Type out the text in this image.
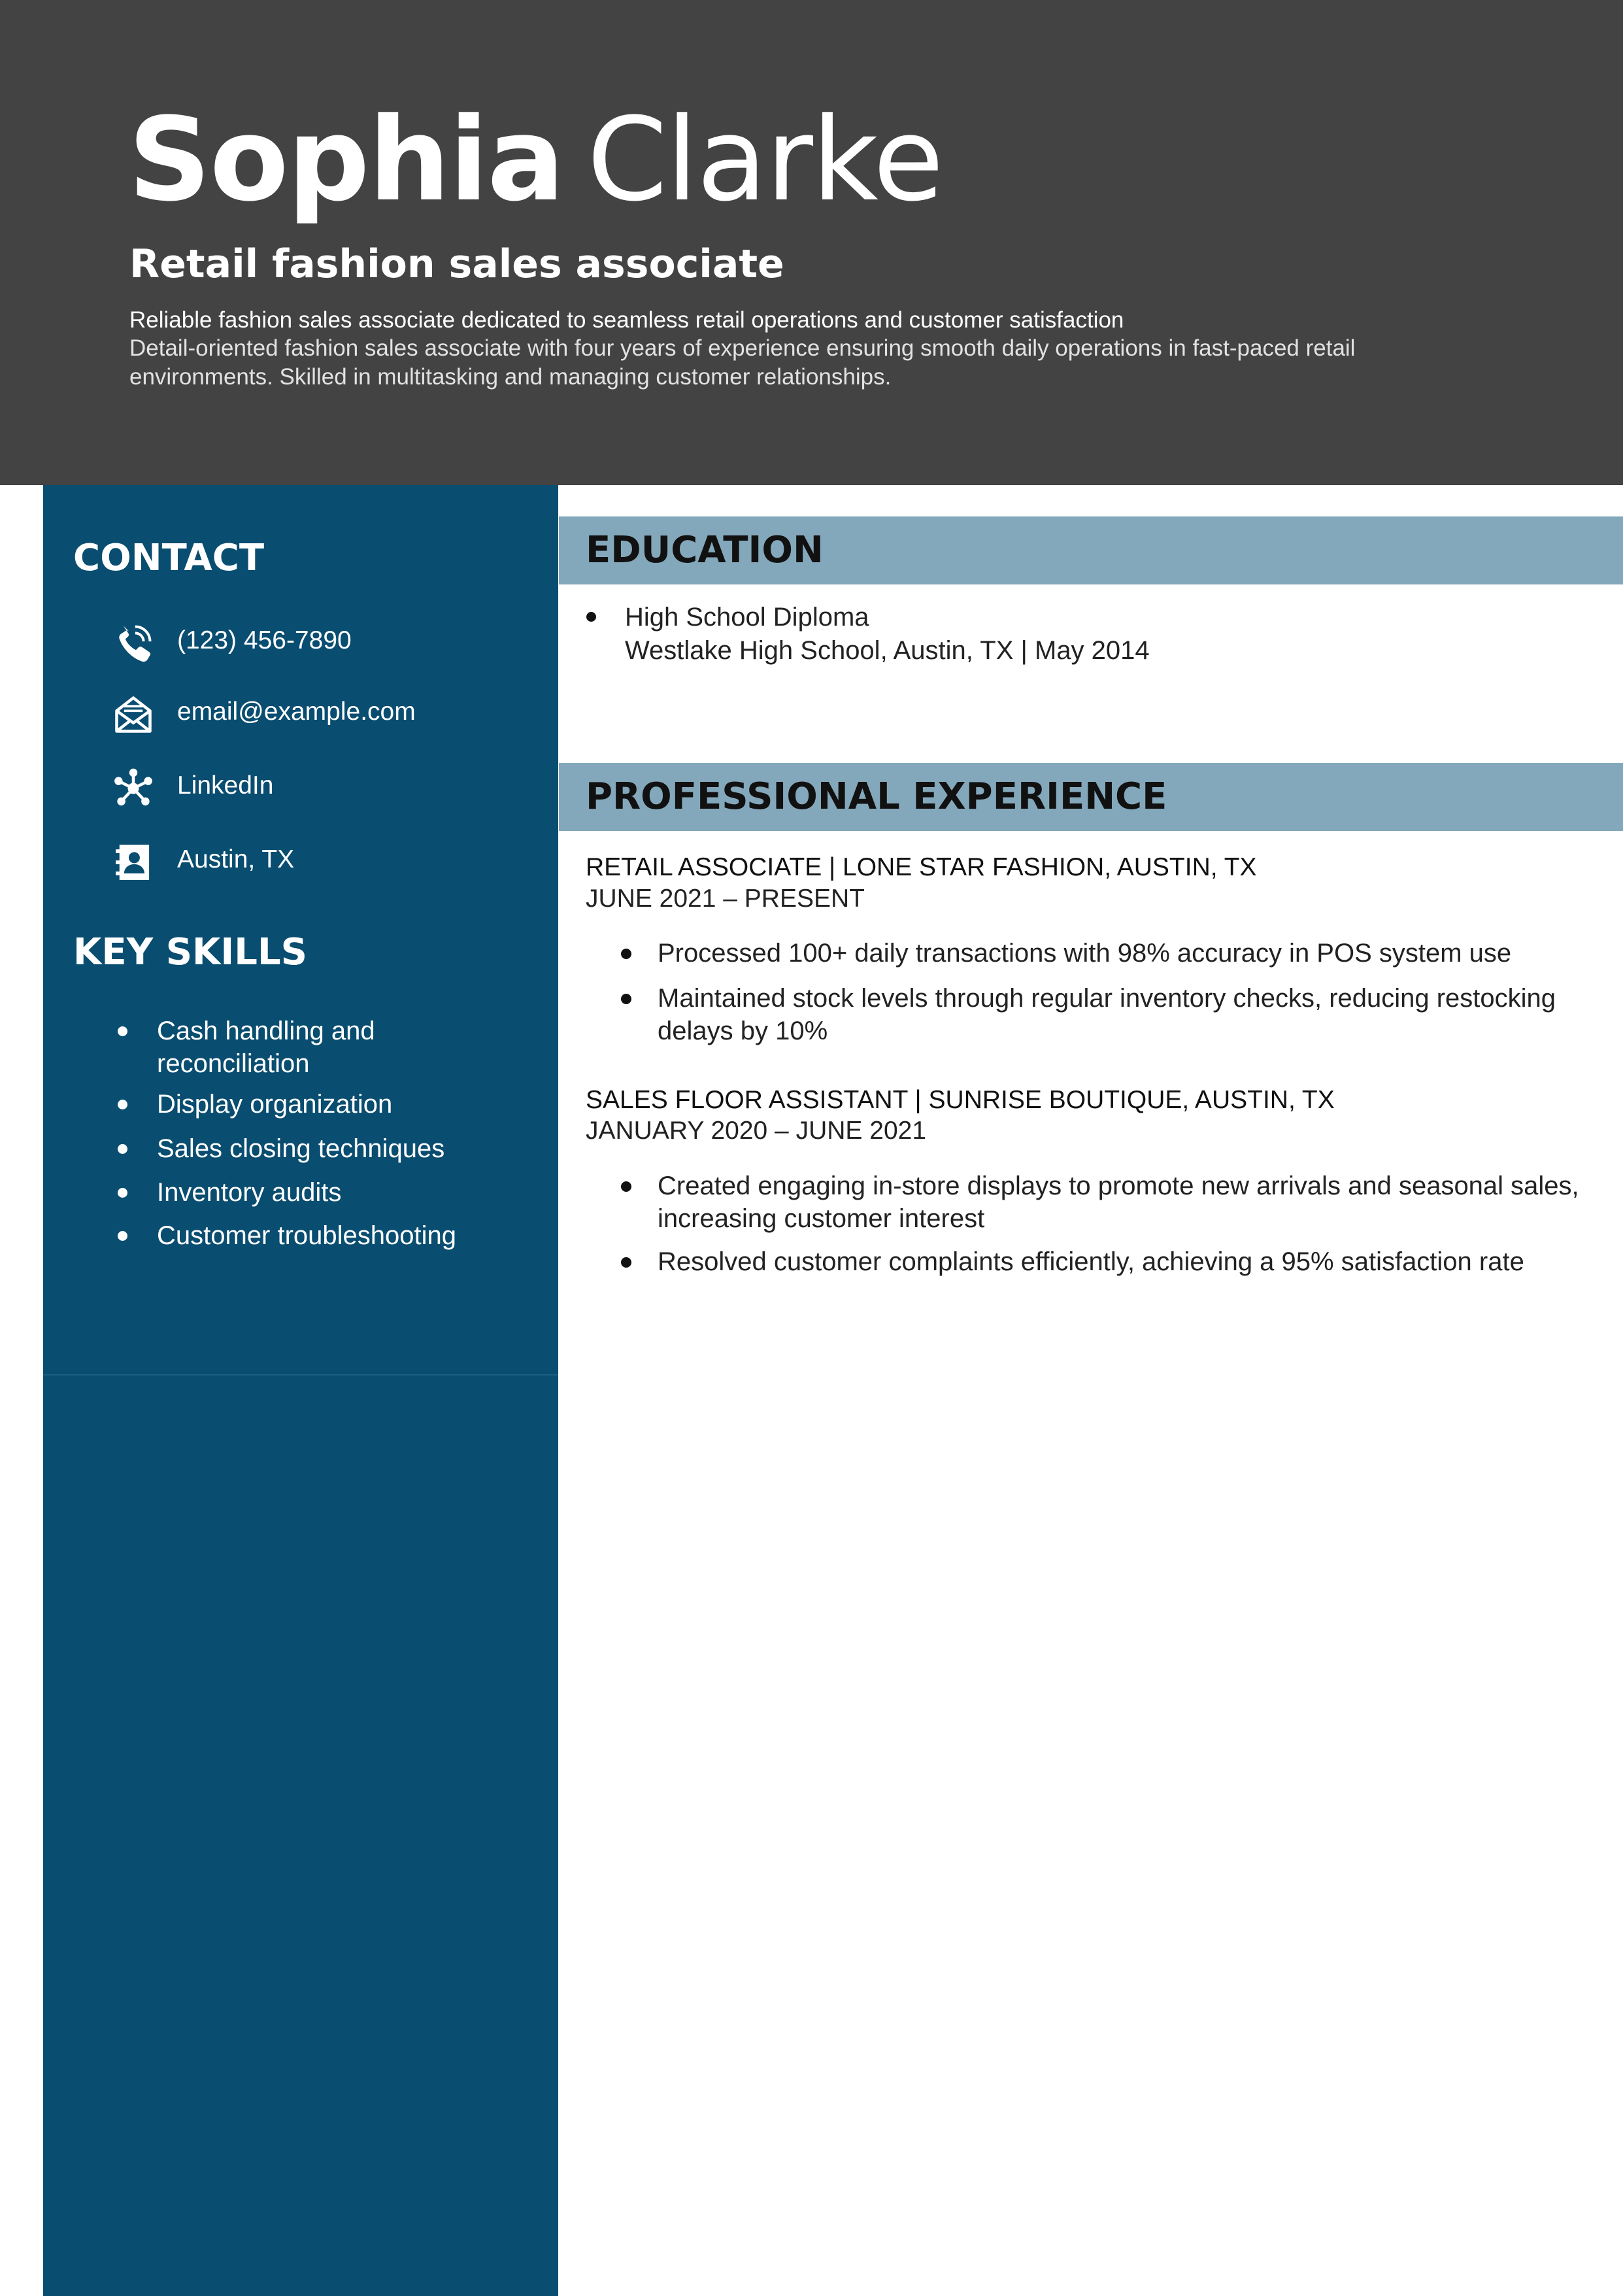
Sophia Clarke
Retail fashion sales associate
Reliable fashion sales associate dedicated to seamless retail operations and customer satisfaction
Detail-oriented fashion sales associate with four years of experience ensuring smooth daily operations in fast-paced retail environments. Skilled in multitasking and managing customer relationships.
CONTACT
(123) 456-7890
email@example.com
LinkedIn
Austin, TX
KEY SKILLS
Cash handling and reconciliation
Display organization
Sales closing techniques
Inventory audits
Customer troubleshooting
EDUCATION
High School Diploma
Westlake High School, Austin, TX | May 2014
PROFESSIONAL EXPERIENCE
RETAIL ASSOCIATE | LONE STAR FASHION, AUSTIN, TX
JUNE 2021 – PRESENT
Processed 100+ daily transactions with 98% accuracy in POS system use
Maintained stock levels through regular inventory checks, reducing restocking delays by 10%
SALES FLOOR ASSISTANT | SUNRISE BOUTIQUE, AUSTIN, TX
JANUARY 2020 – JUNE 2021
Created engaging in-store displays to promote new arrivals and seasonal sales, increasing customer interest
Resolved customer complaints efficiently, achieving a 95% satisfaction rate
